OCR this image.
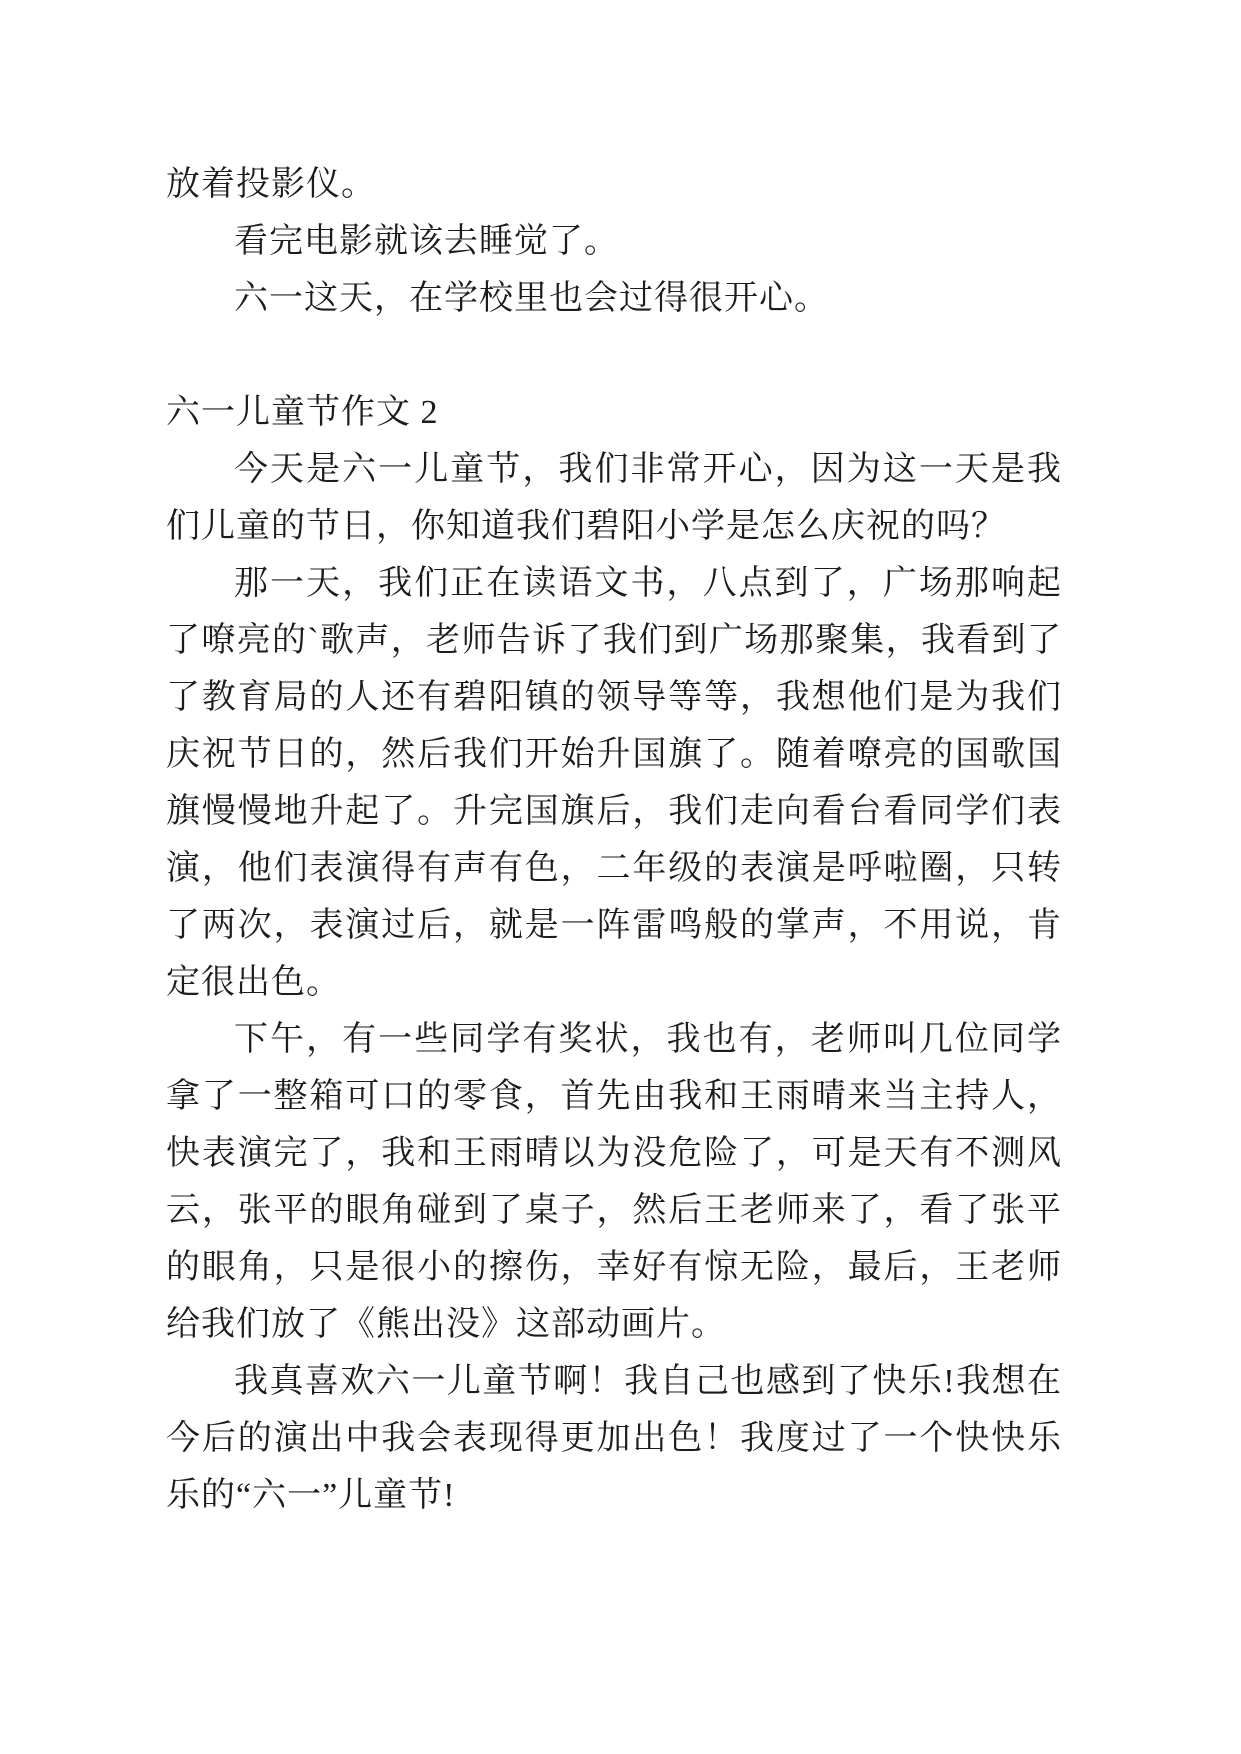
放着投影仪。

看完电影就该去睡觉了。

六一这天，在学校里也会过得很开心。

六一儿童节作文 2

今天是六一儿童节，我们非常开心，因为这一天是我们儿童的节日，你知道我们碧阳小学是怎么庆祝的吗？

那一天，我们正在读语文书，八点到了，广场那响起了嘹亮的`歌声，老师告诉了我们到广场那聚集，我看到了了教育局的人还有碧阳镇的领导等等，我想他们是为我们庆祝节日的，然后我们开始升国旗了。随着嘹亮的国歌国旗慢慢地升起了。升完国旗后，我们走向看台看同学们表演，他们表演得有声有色，二年级的表演是呼啦圈，只转了两次，表演过后，就是一阵雷鸣般的掌声，不用说，肯定很出色。

下午，有一些同学有奖状，我也有，老师叫几位同学拿了一整箱可口的零食，首先由我和王雨晴来当主持人，快表演完了，我和王雨晴以为没危险了，可是天有不测风云，张平的眼角碰到了桌子，然后王老师来了，看了张平的眼角，只是很小的擦伤，幸好有惊无险，最后，王老师给我们放了《熊出没》这部动画片。

我真喜欢六一儿童节啊！我自己也感到了快乐!我想在今后的演出中我会表现得更加出色！我度过了一个快快乐乐的“六一”儿童节!
